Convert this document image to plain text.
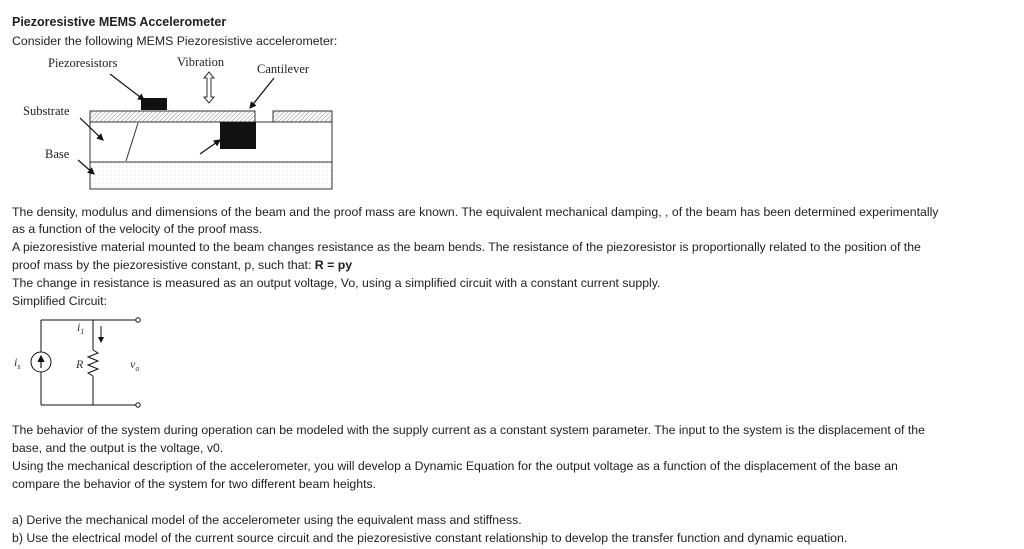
Piezoresistive MEMS Accelerometer
Consider the following MEMS Piezoresistive accelerometer:
Piezoresistors	Vibration	Cantilever
Substrate
Base
The density, modulus and dimensions of the beam and the proof mass are known. The equivalent mechanical damping, , of the beam has been determined experimentally
as a function of the velocity of the proof mass.
A piezoresistive material mounted to the beam changes resistance as the beam bends. The resistance of the piezoresistor is proportionally related to the position of the
proof mass by the piezoresistive constant, p, such that: R = py
The change in resistance is measured as an output voltage, Vo, using a simplified circuit with a constant current supply.
Simplified Circuit:
$i_s$
$i_1$
R	$v_o$
The behavior of the system during operation can be modeled with the supply current as a constant system parameter. The input to the system is the displacement of the
base, and the output is the voltage, v0.
Using the mechanical description of the accelerometer, you will develop a Dynamic Equation for the output voltage as a function of the displacement of the base an
compare the behavior of the system for two different beam heights.
a) Derive the mechanical model of the accelerometer using the equivalent mass and stiffness.
b) Use the electrical model of the current source circuit and the piezoresistive constant relationship to develop the transfer function and dynamic equation.
